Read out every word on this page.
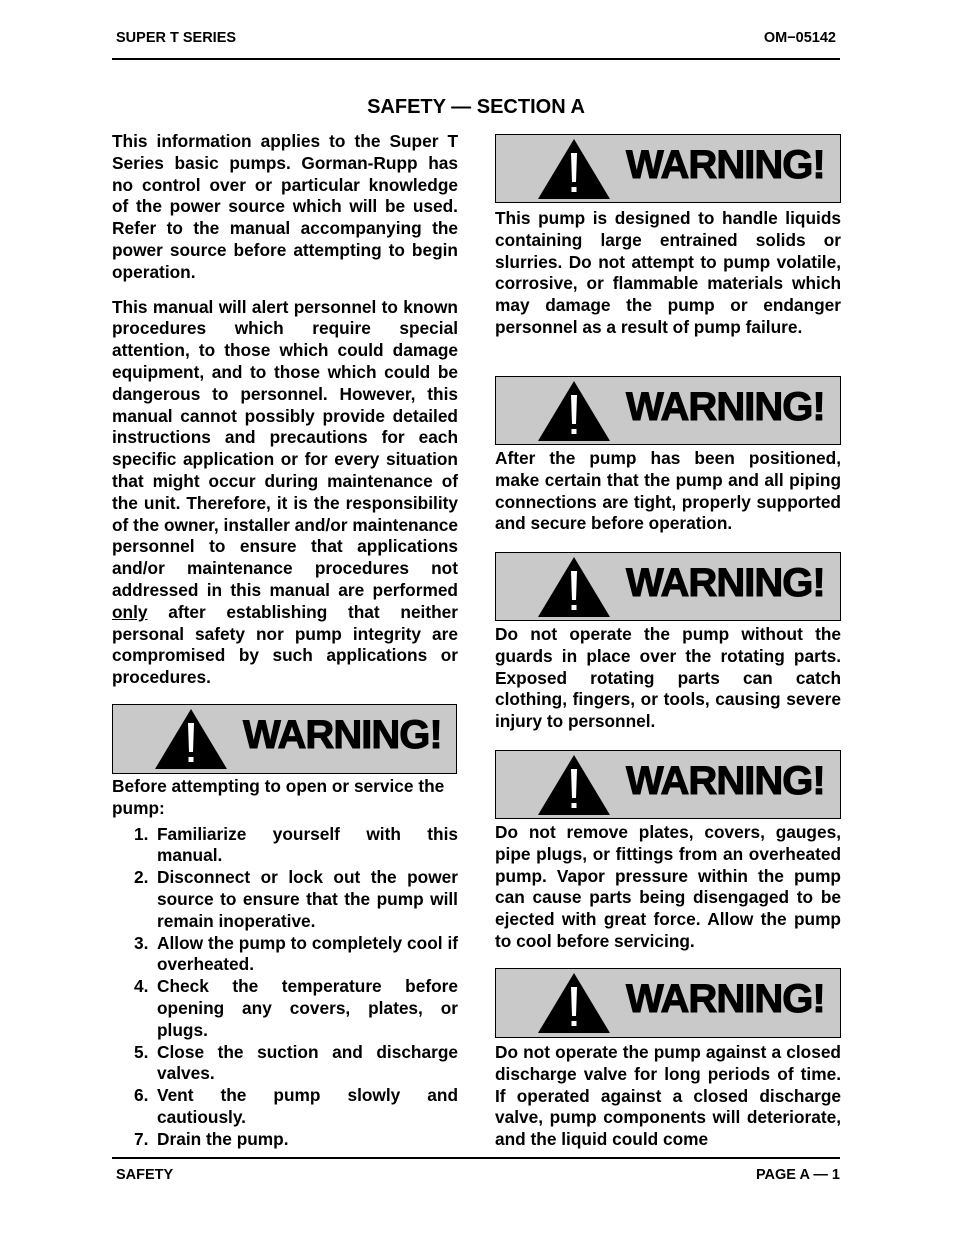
SUPER T SERIES	OM−05142
SAFETY — SECTION A

This information applies to the Super T Series basic pumps. Gorman-Rupp has no control over or particular knowledge of the power source which will be used. Refer to the manual accompanying the power source before attempting to begin operation.

This manual will alert personnel to known procedures which require special attention, to those which could damage equipment, and to those which could be dangerous to personnel. However, this manual cannot possibly provide detailed instructions and precautions for each specific application or for every situation that might occur during maintenance of the unit. Therefore, it is the responsibility of the owner, installer and/or maintenance personnel to ensure that applications and/or maintenance procedures not addressed in this manual are performed only after establishing that neither personal safety nor pump integrity are compromised by such applications or procedures.

WARNING!

Before attempting to open or service the pump:

1. Familiarize yourself with this manual.
2. Disconnect or lock out the power source to ensure that the pump will remain inoperative.
3. Allow the pump to completely cool if overheated.
4. Check the temperature before opening any covers, plates, or plugs.
5. Close the suction and discharge valves.
6. Vent the pump slowly and cautiously.
7. Drain the pump.
WARNING!
This pump is designed to handle liquids containing large entrained solids or slurries. Do not attempt to pump volatile, corrosive, or flammable materials which may damage the pump or endanger personnel as a result of pump failure.
WARNING!
After the pump has been positioned, make certain that the pump and all piping connections are tight, properly supported and secure before operation.
WARNING!
Do not operate the pump without the guards in place over the rotating parts. Exposed rotating parts can catch clothing, fingers, or tools, causing severe injury to personnel.
WARNING!
Do not remove plates, covers, gauges, pipe plugs, or fittings from an overheated pump. Vapor pressure within the pump can cause parts being disengaged to be ejected with great force. Allow the pump to cool before servicing.
WARNING!
Do not operate the pump against a closed discharge valve for long periods of time. If operated against a closed discharge valve, pump components will deteriorate, and the liquid could come
SAFETY	PAGE A — 1
